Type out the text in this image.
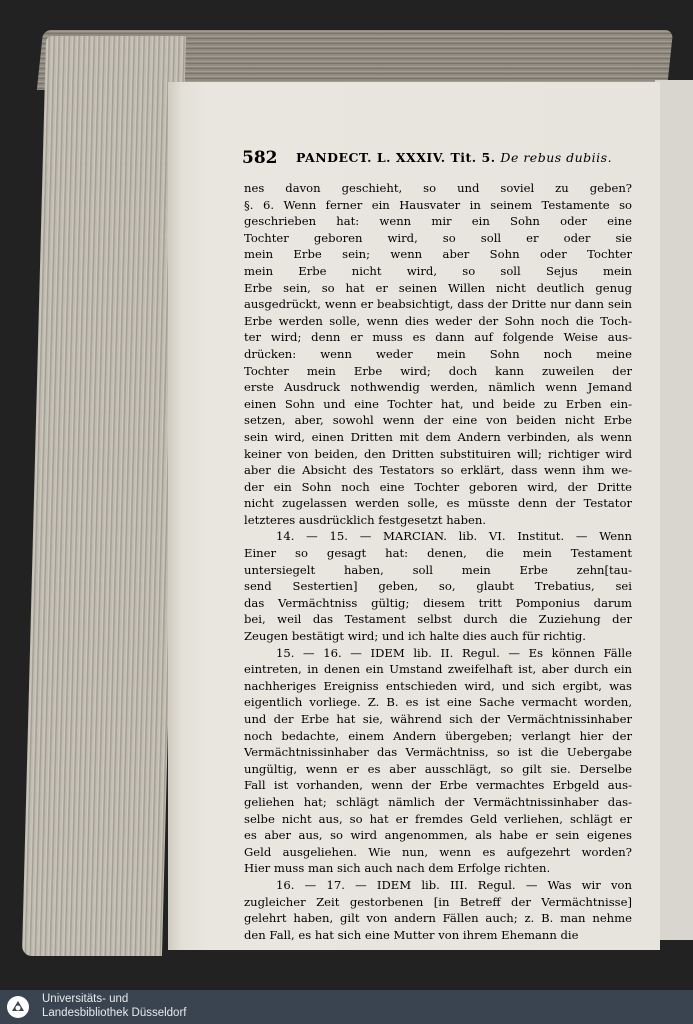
582 PANDECT. L. XXXIV. Tit. 5. De rebus dubiis.
nes davon geschieht, so und soviel zu geben?
§. 6. Wenn ferner ein Hausvater in seinem Testamente so
geschrieben hat: wenn mir ein Sohn oder eine
Tochter geboren wird, so soll er oder sie
mein Erbe sein; wenn aber Sohn oder Tochter
mein Erbe nicht wird, so soll Sejus mein
Erbe sein, so hat er seinen Willen nicht deutlich genug
ausgedrückt, wenn er beabsichtigt, dass der Dritte nur dann sein
Erbe werden solle, wenn dies weder der Sohn noch die Toch-
ter wird; denn er muss es dann auf folgende Weise aus-
drücken: wenn weder mein Sohn noch meine
Tochter mein Erbe wird; doch kann zuweilen der
erste Ausdruck nothwendig werden, nämlich wenn Jemand
einen Sohn und eine Tochter hat, und beide zu Erben ein-
setzen, aber, sowohl wenn der eine von beiden nicht Erbe
sein wird, einen Dritten mit dem Andern verbinden, als wenn
keiner von beiden, den Dritten substituiren will; richtiger wird
aber die Absicht des Testators so erklärt, dass wenn ihm we-
der ein Sohn noch eine Tochter geboren wird, der Dritte
nicht zugelassen werden solle, es müsste denn der Testator
letzteres ausdrücklich festgesetzt haben.
14. — 15. — MARCIAN. lib. VI. Institut. — Wenn
Einer so gesagt hat: denen, die mein Testament
untersiegelt haben, soll mein Erbe zehn[tau-
send Sestertien] geben, so, glaubt Trebatius, sei
das Vermächtniss gültig; diesem tritt Pomponius darum
bei, weil das Testament selbst durch die Zuziehung der
Zeugen bestätigt wird; und ich halte dies auch für richtig.
15. — 16. — IDEM lib. II. Regul. — Es können Fälle
eintreten, in denen ein Umstand zweifelhaft ist, aber durch ein
nachheriges Ereigniss entschieden wird, und sich ergibt, was
eigentlich vorliege. Z. B. es ist eine Sache vermacht worden,
und der Erbe hat sie, während sich der Vermächtnissinhaber
noch bedachte, einem Andern übergeben; verlangt hier der
Vermächtnissinhaber das Vermächtniss, so ist die Uebergabe
ungültig, wenn er es aber ausschlägt, so gilt sie. Derselbe
Fall ist vorhanden, wenn der Erbe vermachtes Erbgeld aus-
geliehen hat; schlägt nämlich der Vermächtnissinhaber das-
selbe nicht aus, so hat er fremdes Geld verliehen, schlägt er
es aber aus, so wird angenommen, als habe er sein eigenes
Geld ausgeliehen. Wie nun, wenn es aufgezehrt worden?
Hier muss man sich auch nach dem Erfolge richten.
16. — 17. — IDEM lib. III. Regul. — Was wir von
zugleicher Zeit gestorbenen [in Betreff der Vermächtnisse]
gelehrt haben, gilt von andern Fällen auch; z. B. man nehme
den Fall, es hat sich eine Mutter von ihrem Ehemann die
Universitäts- und
Landesbibliothek Düsseldorf
